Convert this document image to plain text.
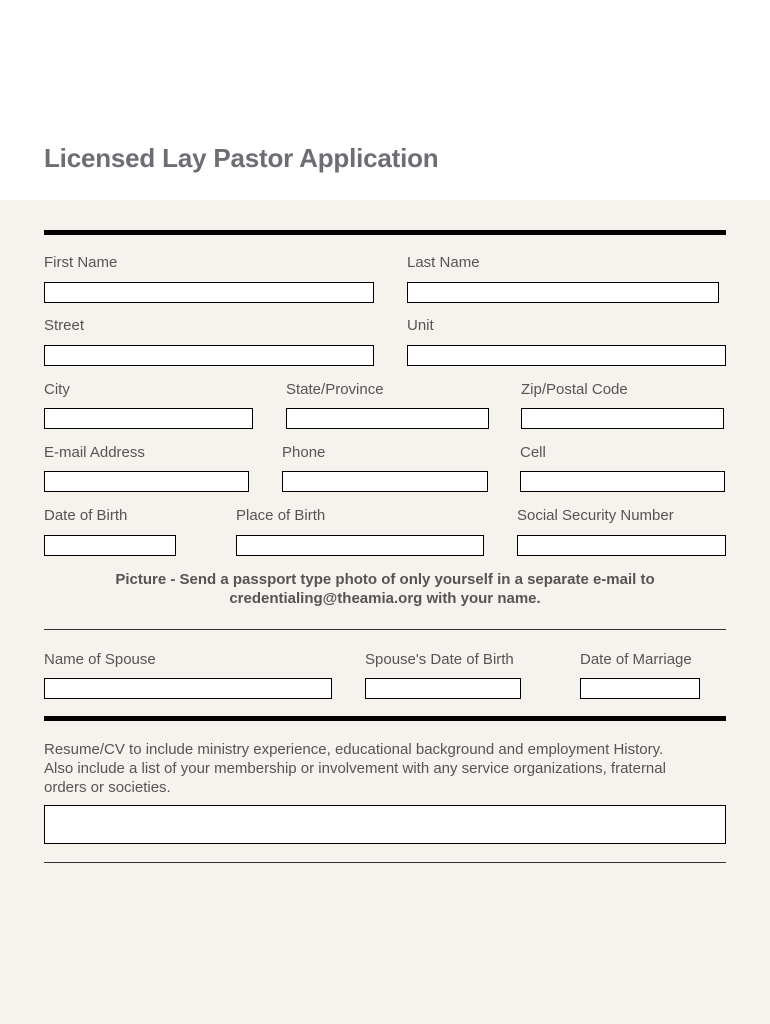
Licensed Lay Pastor Application
First Name	Last Name
Street	Unit
City	State/Province	Zip/Postal Code
E-mail Address	Phone	Cell
Date of Birth	Place of Birth	Social Security Number
Picture - Send a passport type photo of only yourself in a separate e-mail to
credentialing@theamia.org with your name.
Name of Spouse	Spouse's Date of Birth	Date of Marriage
Resume/CV to include ministry experience, educational background and employment History.
Also include a list of your membership or involvement with any service organizations, fraternal
orders or societies.
